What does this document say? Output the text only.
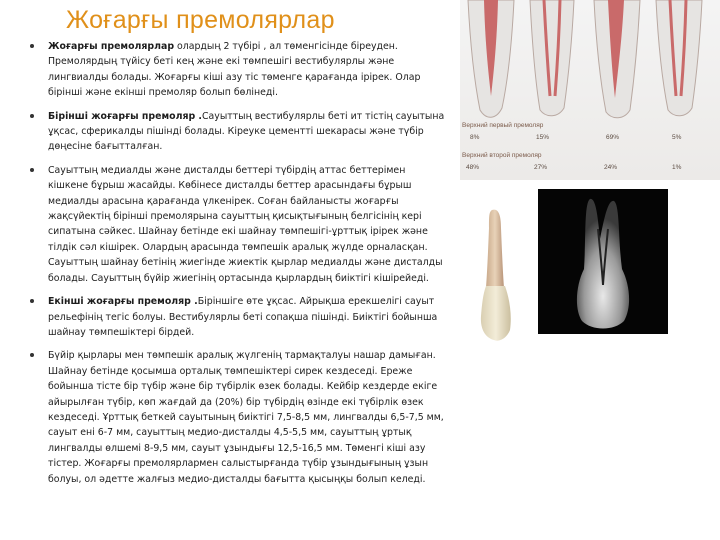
Жоғарғы премолярлар
Жоғарғы премолярлар олардың 2 түбірі , ал төменгісінде біреуден. Премолярдың түйісу беті кең және екі төмпешігі вестибулярлы және лингвиалды болады. Жоғарғы кіші азу тіс төменге қарағанда ірірек. Олар бірінші және екінші премоляр болып бөлінеді.
Бірінші жоғарғы премоляр .Сауыттың вестибулярлы беті ит тістің сауытына ұқсас, сферикалды пішінді болады. Кіреуке цементті шекарасы және түбір дөңесіне бағытталған.
Сауыттың медиалды және дисталды беттері түбірдің аттас беттерімен кішкене бұрыш жасайды. Көбінесе дисталды беттер арасындағы бұрыш медиалды арасына қарағанда үлкенірек. Соған байланысты жоғарғы жақсүйектің бірінші премолярына сауыттың қисықтығының белгісінің кері сипатына сәйкес. Шайнау бетінде екі шайнау төмпешігі-ұрттық ірірек және тілдік сәл кішірек. Олардың арасында төмпешік аралық жүлде орналасқан. Сауыттың шайнау бетінің жиегінде жиектік қырлар медиалды және дисталды болады. Сауыттың бүйір жиегінің ортасында қырлардың биіктігі кішірейеді.
Екінші жоғарғы премоляр .Біріншіге өте ұқсас. Айрықша ерекшелігі сауыт рельефінің тегіс болуы. Вестибулярлы беті сопақша пішінді. Биіктігі бойынша шайнау төмпешіктері бірдей.
Бүйір қырлары мен төмпешік аралық жүлгенің тармақталуы нашар дамыған. Шайнау бетінде қосымша орталық төмпешіктері сирек кездеседі. Ереже бойынша тісте бір түбір және бір түбірлік өзек болады. Кейбір кездерде екіге айырылған түбір, көп жағдай да (20%) бір түбірдің өзінде екі түбірлік өзек кездеседі. Ұрттық беткей сауытының биіктігі 7,5-8,5 мм, лингвалды 6,5-7,5 мм, сауыт ені 6-7 мм, сауыттың медио-дисталды 4,5-5,5 мм, сауыттың ұртық лингвалды өлшемі 8-9,5 мм, сауыт ұзындығы 12,5-16,5 мм. Төменгі кіші азу тістер. Жоғарғы премолярлармен салыстырғанда түбір ұзындығының ұзын болуы, ол әдетте жалғыз медио-дисталды бағытта қысыңқы болып келеді.
Верхний первый премоляр
8%	15%	69%	5%
Верхний второй премоляр
48%	27%	24%	1%
